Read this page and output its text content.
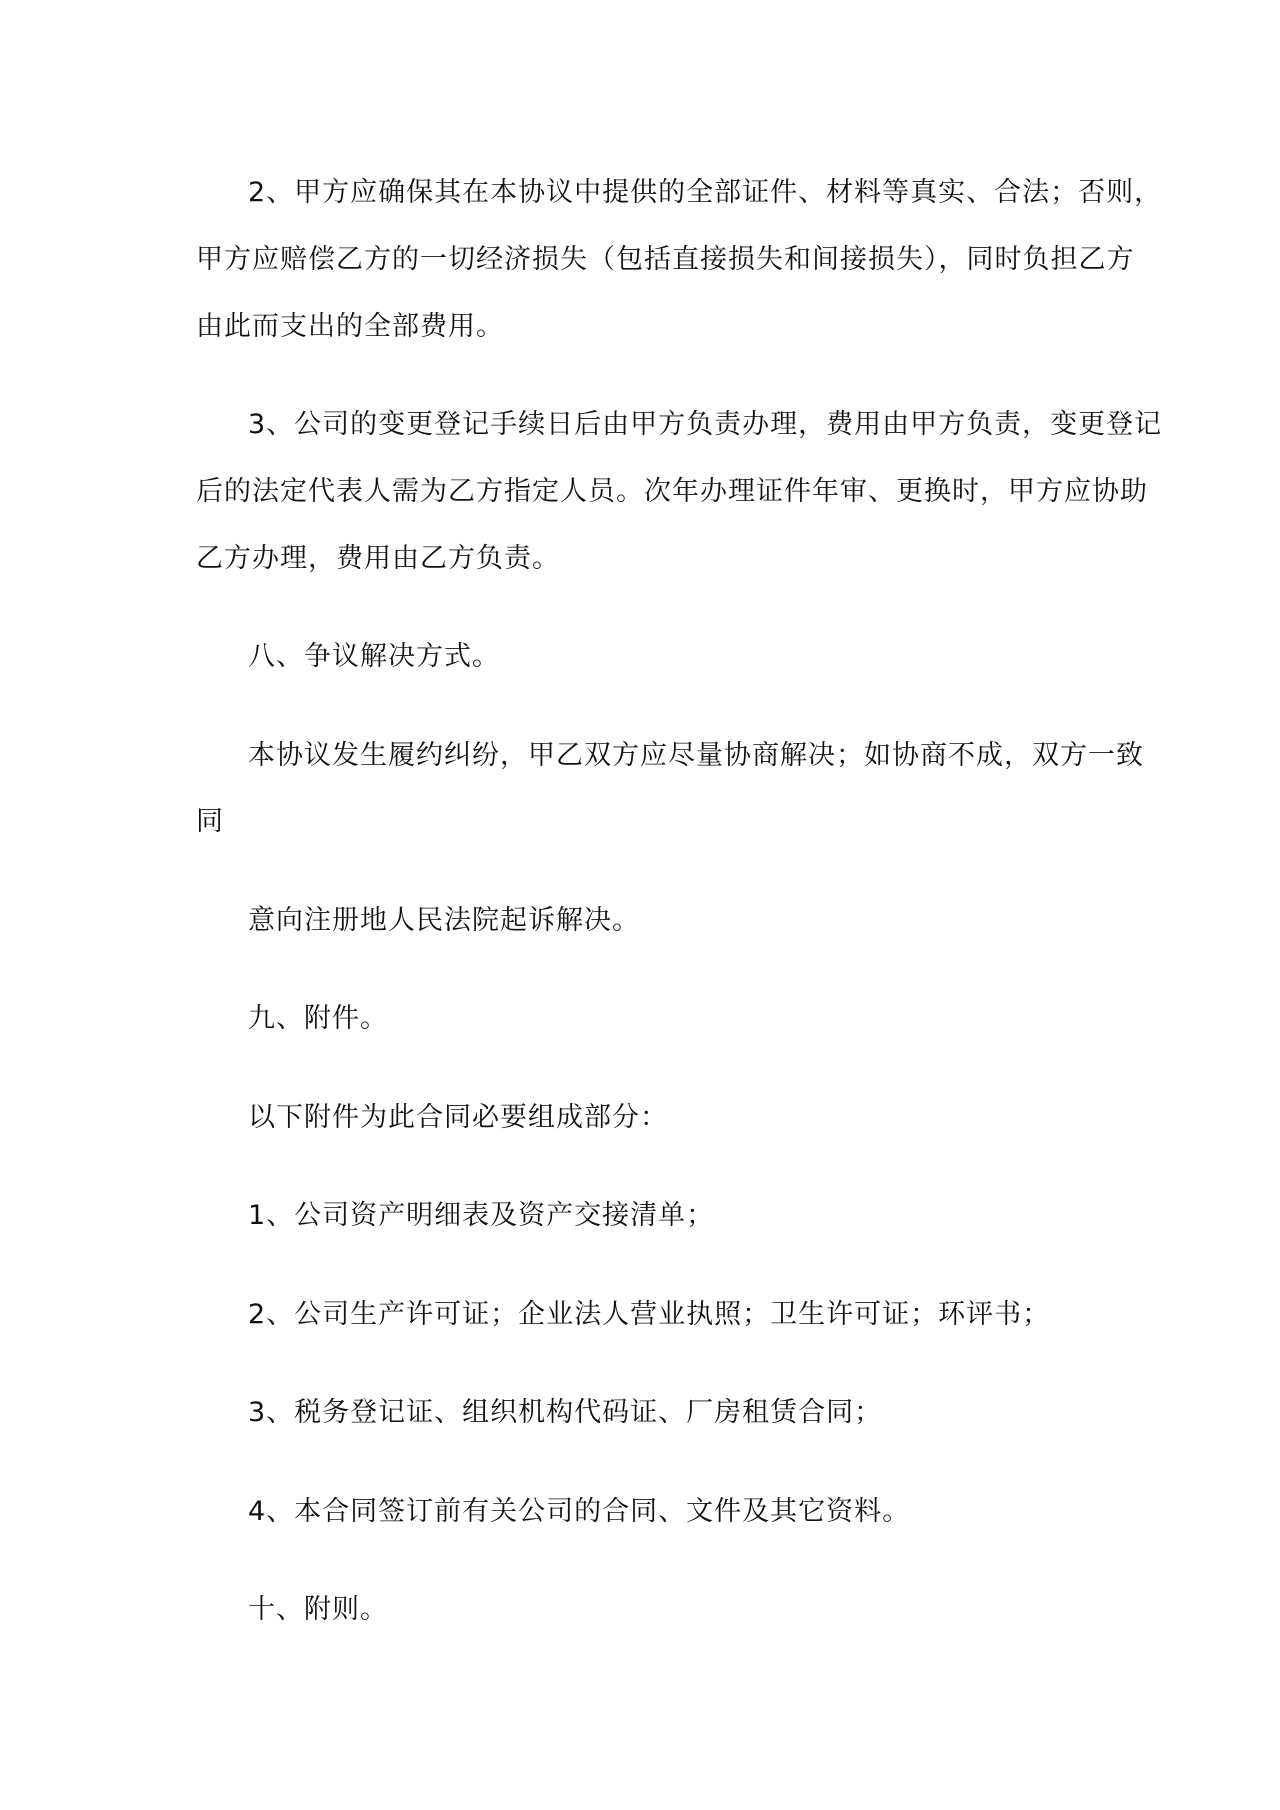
2、甲方应确保其在本协议中提供的全部证件、材料等真实、合法；否则，
甲方应赔偿乙方的一切经济损失（包括直接损失和间接损失），同时负担乙方
由此而支出的全部费用。
3、公司的变更登记手续日后由甲方负责办理，费用由甲方负责，变更登记
后的法定代表人需为乙方指定人员。次年办理证件年审、更换时，甲方应协助
乙方办理，费用由乙方负责。
八、争议解决方式。
本协议发生履约纠纷，甲乙双方应尽量协商解决；如协商不成，双方一致
同
意向注册地人民法院起诉解决。
九、附件。
以下附件为此合同必要组成部分：
1、公司资产明细表及资产交接清单；
2、公司生产许可证；企业法人营业执照；卫生许可证；环评书；
3、税务登记证、组织机构代码证、厂房租赁合同；
4、本合同签订前有关公司的合同、文件及其它资料。
十、附则。
